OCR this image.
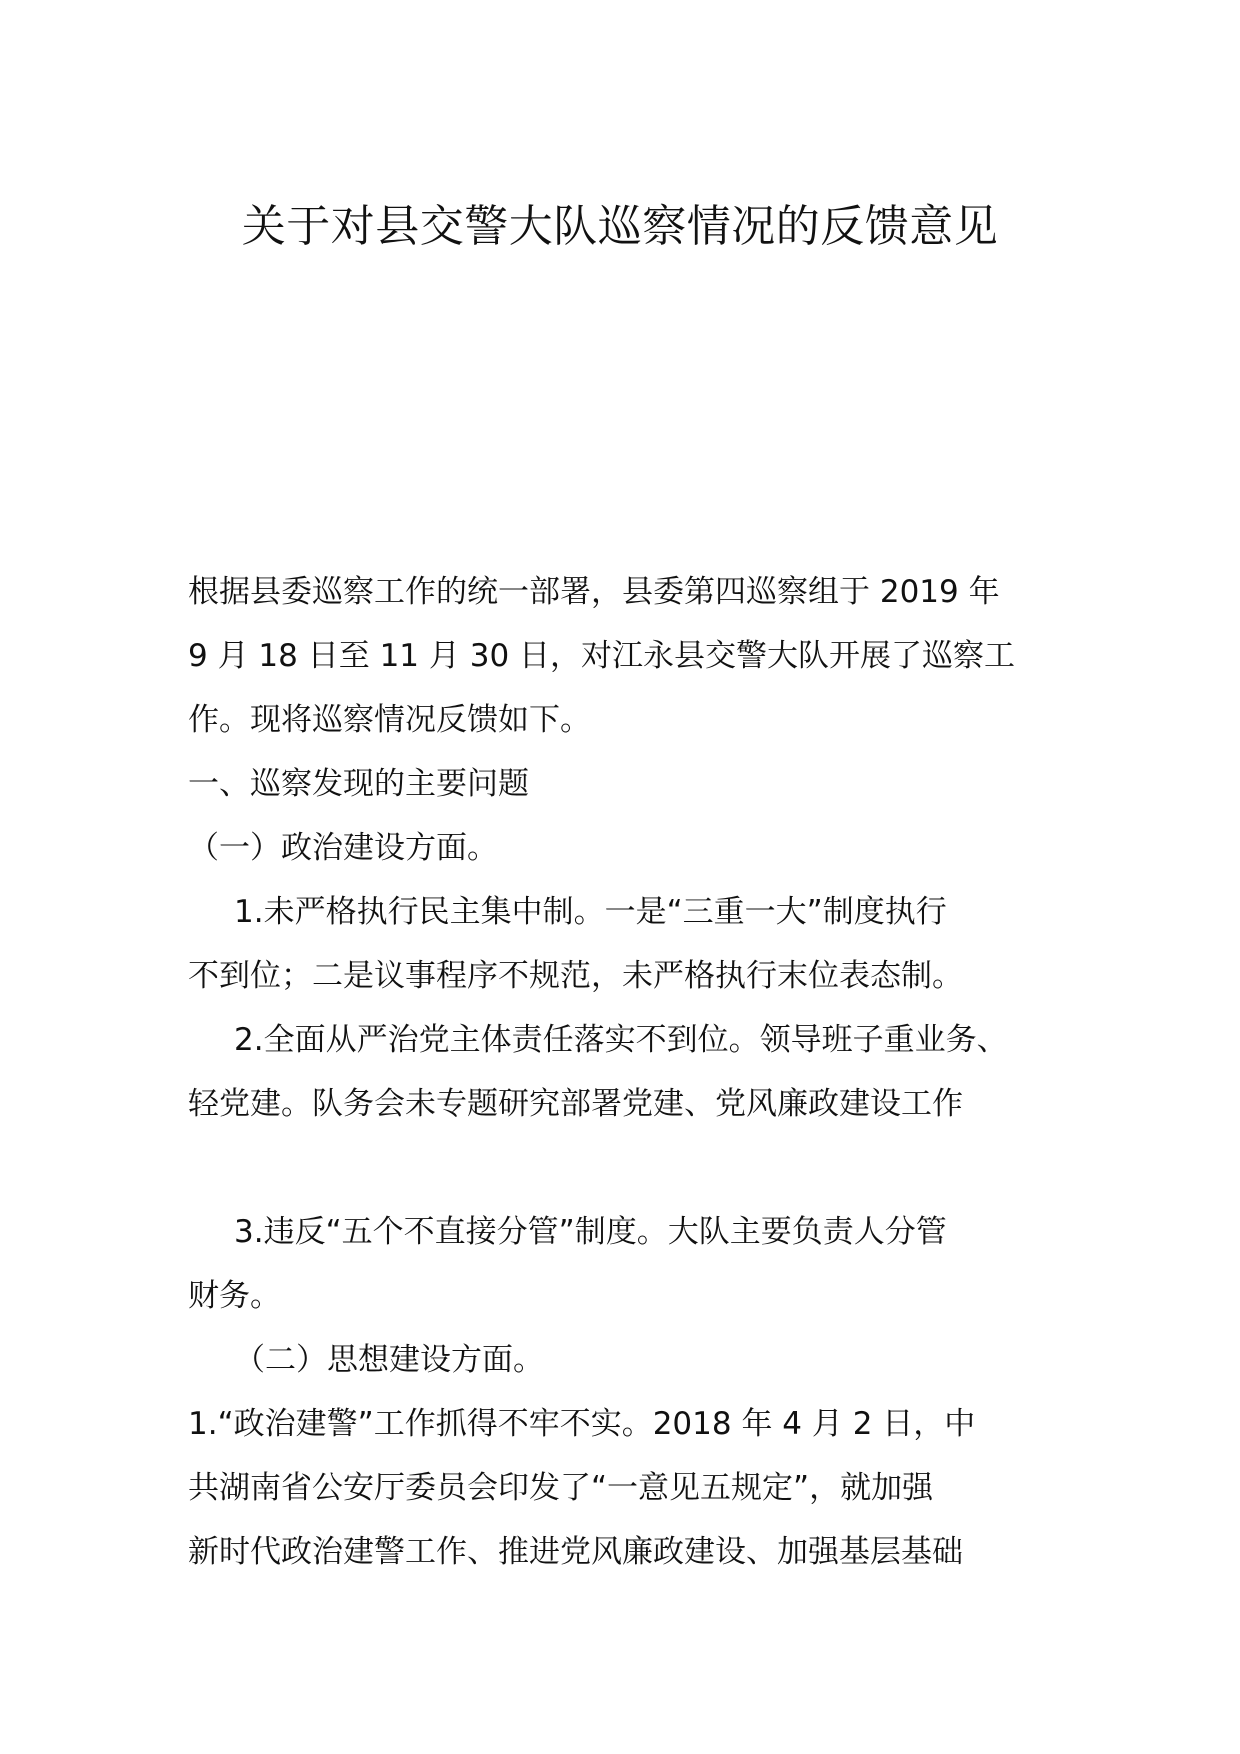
关于对县交警大队巡察情况的反馈意见
根据县委巡察工作的统一部署，县委第四巡察组于 2019 年
9 月 18 日至 11 月 30 日，对江永县交警大队开展了巡察工
作。现将巡察情况反馈如下。
一、巡察发现的主要问题
（一）政治建设方面。
1.未严格执行民主集中制。一是“三重一大”制度执行
不到位；二是议事程序不规范，未严格执行末位表态制。
2.全面从严治党主体责任落实不到位。领导班子重业务、
轻党建。队务会未专题研究部署党建、党风廉政建设工作
3.违反“五个不直接分管”制度。大队主要负责人分管
财务。
（二）思想建设方面。
1.“政治建警”工作抓得不牢不实。2018 年 4 月 2 日，中
共湖南省公安厅委员会印发了“一意见五规定”，就加强
新时代政治建警工作、推进党风廉政建设、加强基层基础
